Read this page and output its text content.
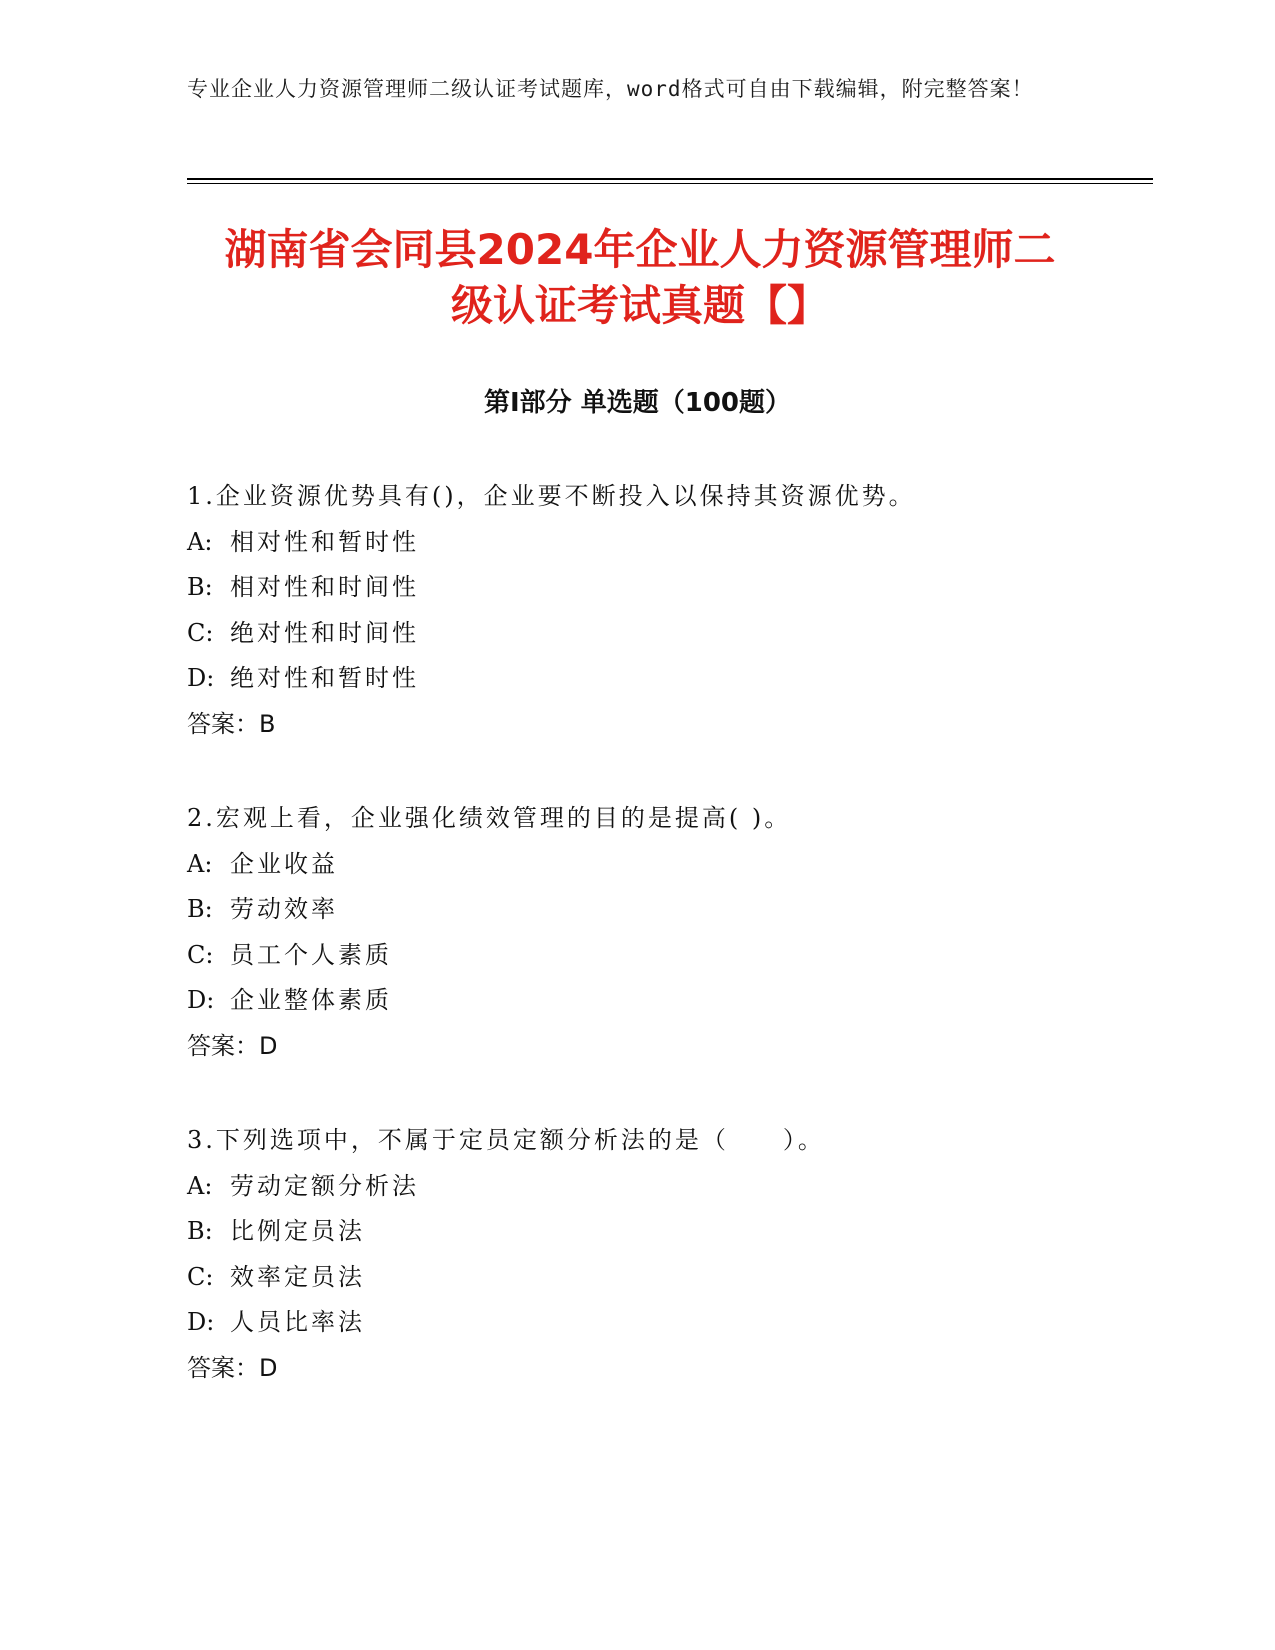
专业企业人力资源管理师二级认证考试题库，word格式可自由下载编辑，附完整答案！
湖南省会同县2024年企业人力资源管理师二
级认证考试真题【】
第I部分 单选题（100题）
1.企业资源优势具有()，企业要不断投入以保持其资源优势。
A: 相对性和暂时性
B: 相对性和时间性
C: 绝对性和时间性
D: 绝对性和暂时性
答案：B
2.宏观上看，企业强化绩效管理的目的是提高( )。
A: 企业收益
B: 劳动效率
C: 员工个人素质
D: 企业整体素质
答案：D
3.下列选项中，不属于定员定额分析法的是（　　）。
A: 劳动定额分析法
B: 比例定员法
C: 效率定员法
D: 人员比率法
答案：D
